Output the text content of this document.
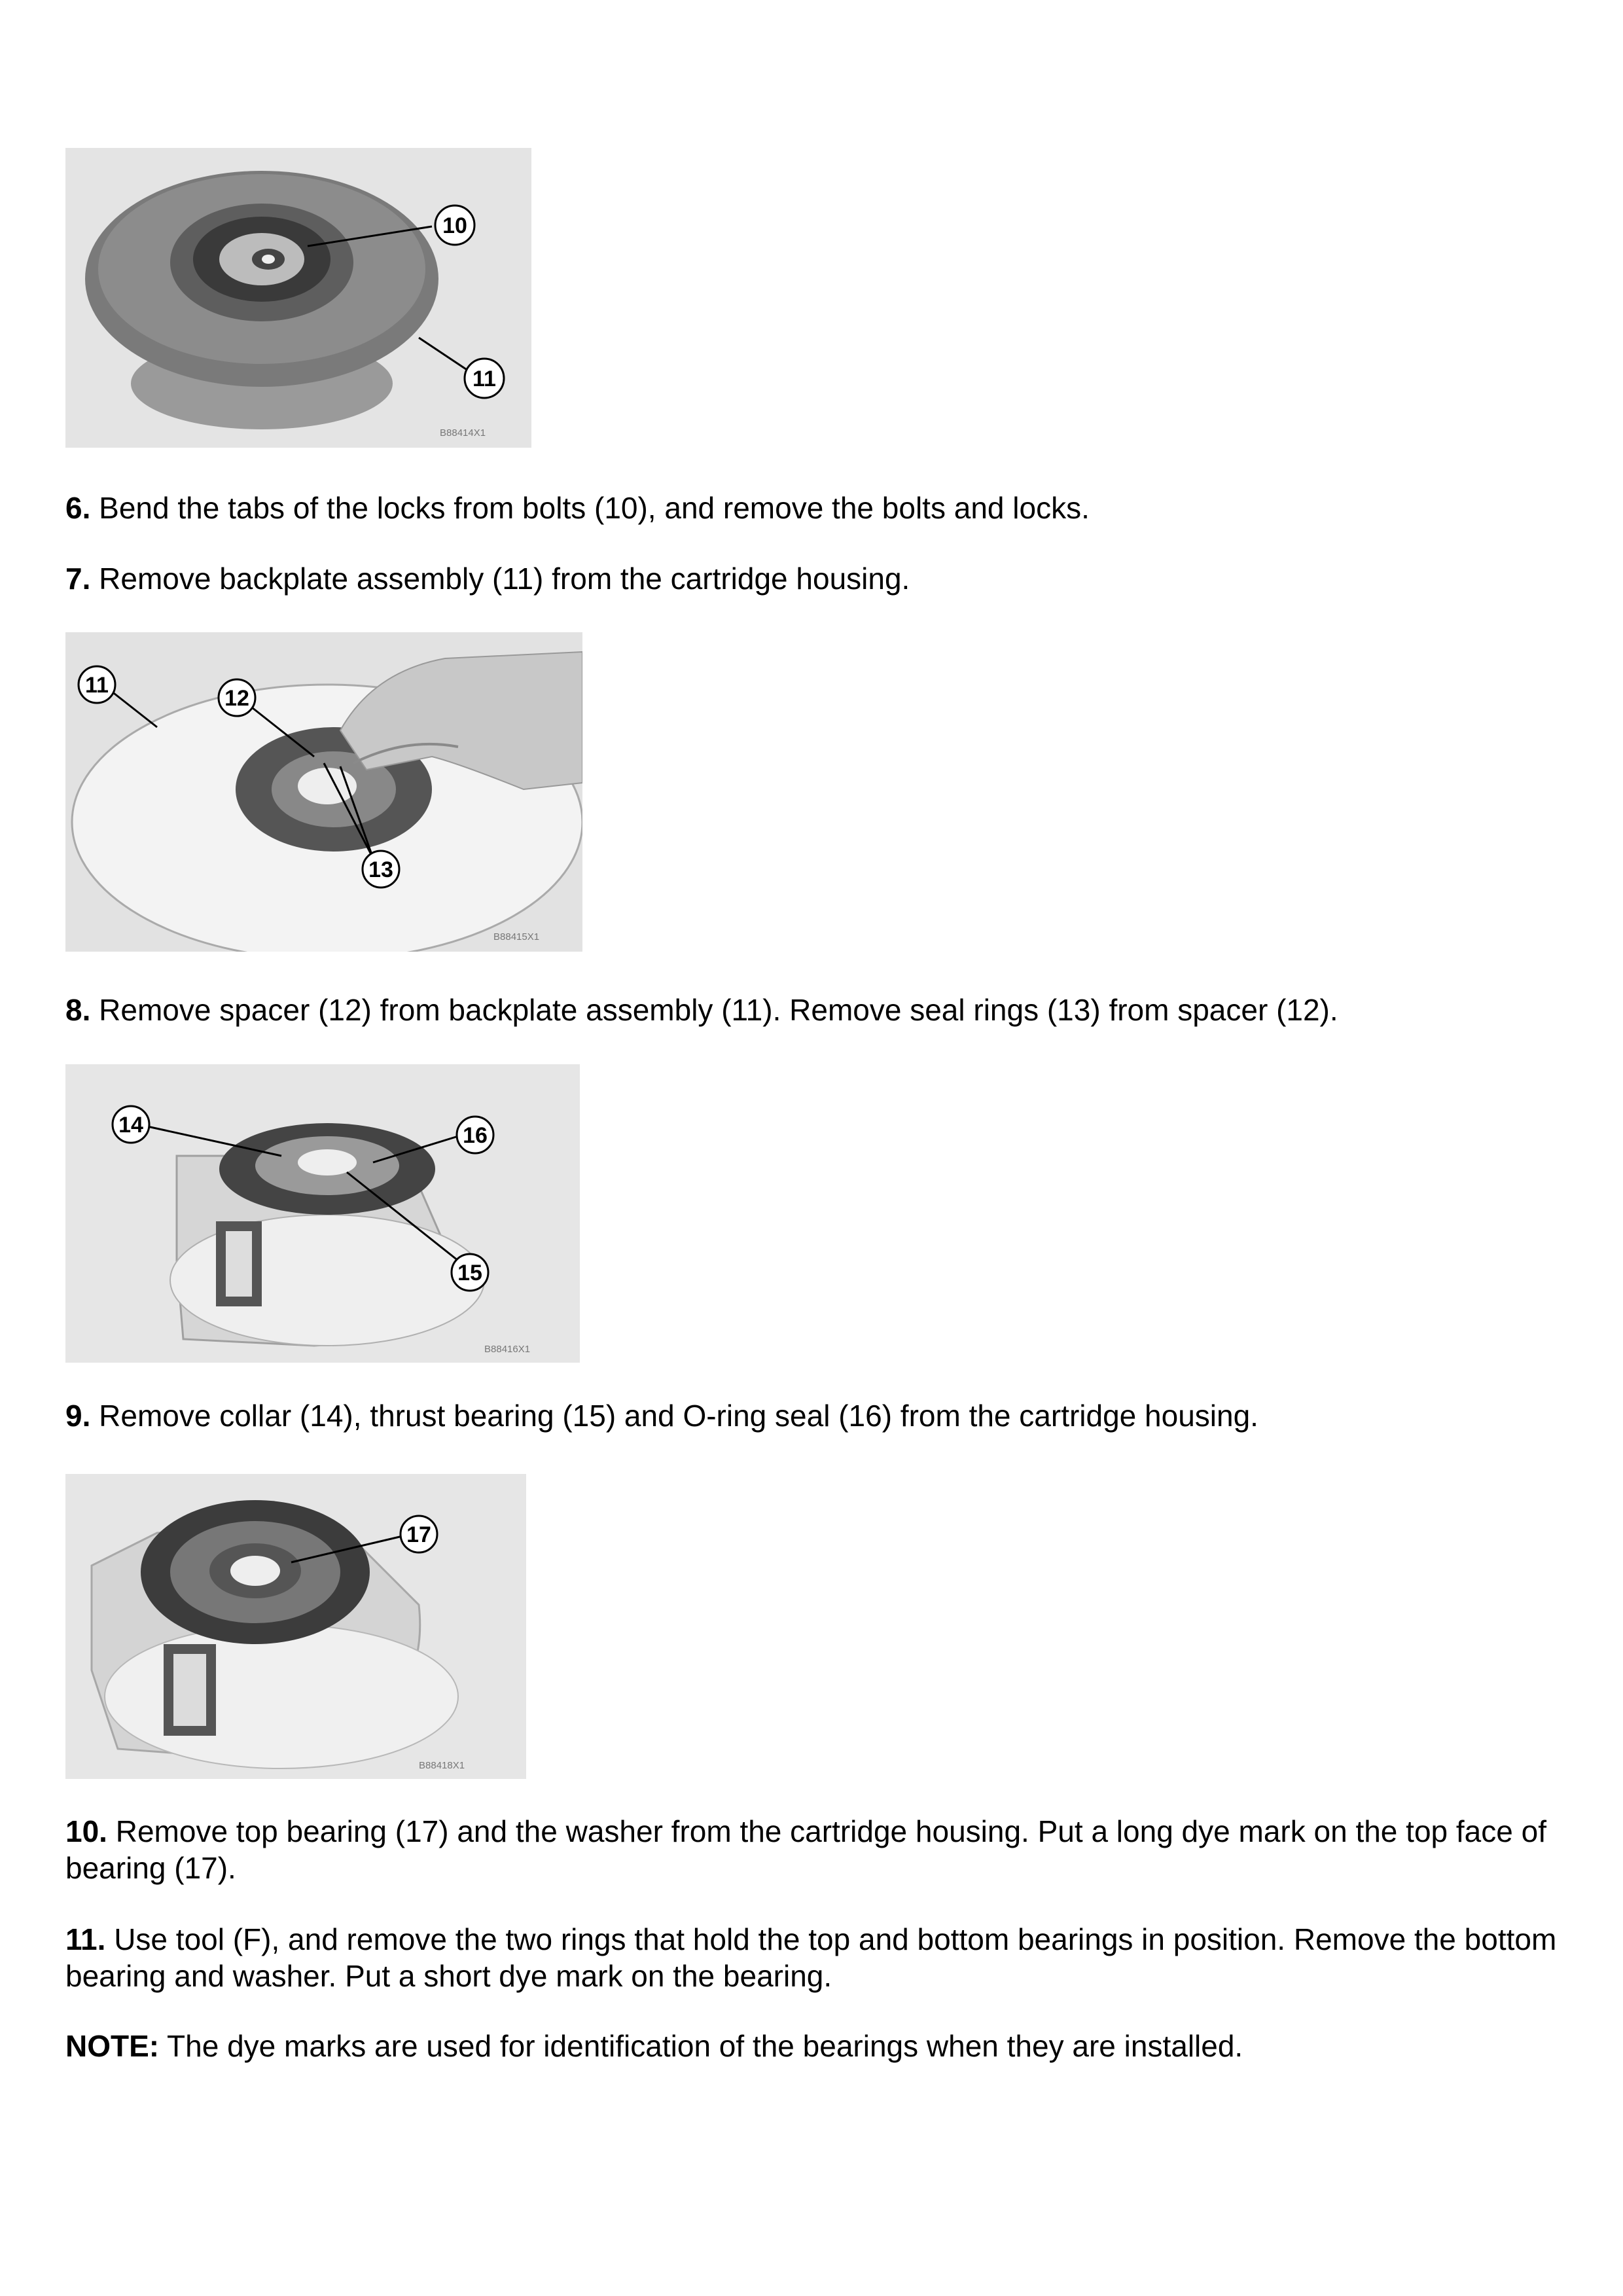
10
11
B88414X1

6. Bend the tabs of the locks from bolts (10), and remove the bolts and locks.

7. Remove backplate assembly (11) from the cartridge housing.

11
12
13
B88415X1

8. Remove spacer (12) from backplate assembly (11). Remove seal rings (13) from spacer (12).

14	16
15
B88416X1

9. Remove collar (14), thrust bearing (15) and O-ring seal (16) from the cartridge housing.

17
B88418X1

10. Remove top bearing (17) and the washer from the cartridge housing. Put a long dye mark on the top face of bearing (17).

11. Use tool (F), and remove the two rings that hold the top and bottom bearings in position. Remove the bottom bearing and washer. Put a short dye mark on the bearing.

NOTE: The dye marks are used for identification of the bearings when they are installed.
